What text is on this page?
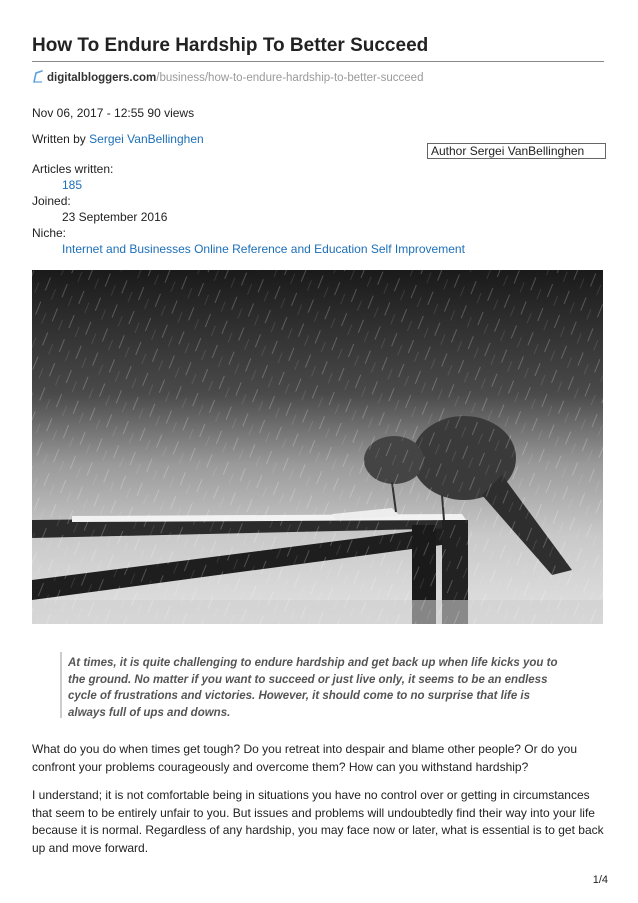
How To Endure Hardship To Better Succeed
digitalbloggers.com/business/how-to-endure-hardship-to-better-succeed
Nov 06, 2017 - 12:55 90 views
Written by Sergei VanBellinghen
Author Sergei VanBellinghen
Articles written:
185
Joined:
23 September 2016
Niche:
Internet and Businesses Online Reference and Education Self Improvement

At times, it is quite challenging to endure hardship and get back up when life kicks you to the ground. No matter if you want to succeed or just live only, it seems to be an endless cycle of frustrations and victories. However, it should come to no surprise that life is always full of ups and downs.

What do you do when times get tough? Do you retreat into despair and blame other people? Or do you confront your problems courageously and overcome them? How can you withstand hardship?

I understand; it is not comfortable being in situations you have no control over or getting in circumstances that seem to be entirely unfair to you. But issues and problems will undoubtedly find their way into your life because it is normal. Regardless of any hardship, you may face now or later, what is essential is to get back up and move forward.

1/4
